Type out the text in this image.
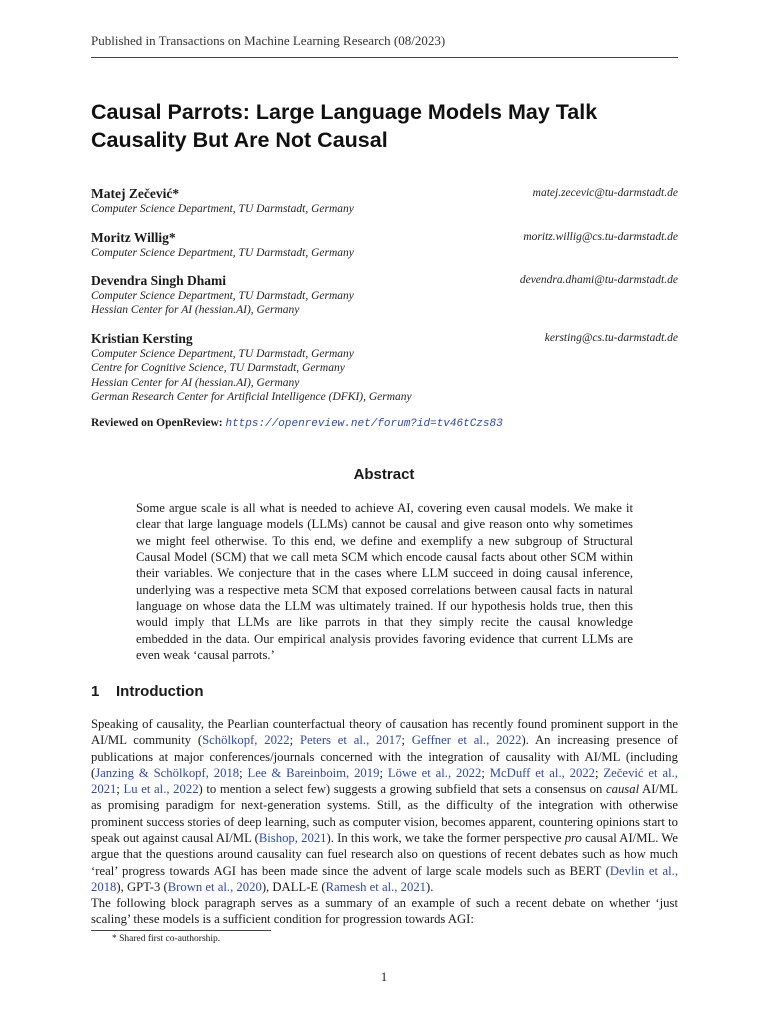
Published in Transactions on Machine Learning Research (08/2023)
Causal Parrots: Large Language Models May Talk Causality But Are Not Causal
Matej Zečević*	matej.zecevic@tu-darmstadt.de
Computer Science Department, TU Darmstadt, Germany
Moritz Willig*	moritz.willig@cs.tu-darmstadt.de
Computer Science Department, TU Darmstadt, Germany
Devendra Singh Dhami	devendra.dhami@tu-darmstadt.de
Computer Science Department, TU Darmstadt, Germany
Hessian Center for AI (hessian.AI), Germany
Kristian Kersting	kersting@cs.tu-darmstadt.de
Computer Science Department, TU Darmstadt, Germany
Centre for Cognitive Science, TU Darmstadt, Germany
Hessian Center for AI (hessian.AI), Germany
German Research Center for Artificial Intelligence (DFKI), Germany
Reviewed on OpenReview: https://openreview.net/forum?id=tv46tCzs83
Abstract

Some argue scale is all what is needed to achieve AI, covering even causal models. We make it clear that large language models (LLMs) cannot be causal and give reason onto why sometimes we might feel otherwise. To this end, we define and exemplify a new subgroup of Structural Causal Model (SCM) that we call meta SCM which encode causal facts about other SCM within their variables. We conjecture that in the cases where LLM succeed in doing causal inference, underlying was a respective meta SCM that exposed correlations between causal facts in natural language on whose data the LLM was ultimately trained. If our hypothesis holds true, then this would imply that LLMs are like parrots in that they simply recite the causal knowledge embedded in the data. Our empirical analysis provides favoring evidence that current LLMs are even weak ‘causal parrots.’

1 Introduction

Speaking of causality, the Pearlian counterfactual theory of causation has recently found prominent support in the AI/ML community (Schölkopf, 2022; Peters et al., 2017; Geffner et al., 2022). An increasing presence of publications at major conferences/journals concerned with the integration of causality with AI/ML (including (Janzing & Schölkopf, 2018; Lee & Bareinboim, 2019; Löwe et al., 2022; McDuff et al., 2022; Zečević et al., 2021; Lu et al., 2022) to mention a select few) suggests a growing subfield that sets a consensus on causal AI/ML as promising paradigm for next-generation systems. Still, as the difficulty of the integration with otherwise prominent success stories of deep learning, such as computer vision, becomes apparent, countering opinions start to speak out against causal AI/ML (Bishop, 2021). In this work, we take the former perspective pro causal AI/ML. We argue that the questions around causality can fuel research also on questions of recent debates such as how much ‘real’ progress towards AGI has been made since the advent of large scale models such as BERT (Devlin et al., 2018), GPT-3 (Brown et al., 2020), DALL-E (Ramesh et al., 2021).

The following block paragraph serves as a summary of an example of such a recent debate on whether ‘just scaling’ these models is a sufficient condition for progression towards AGI:

* Shared first co-authorship.
1
